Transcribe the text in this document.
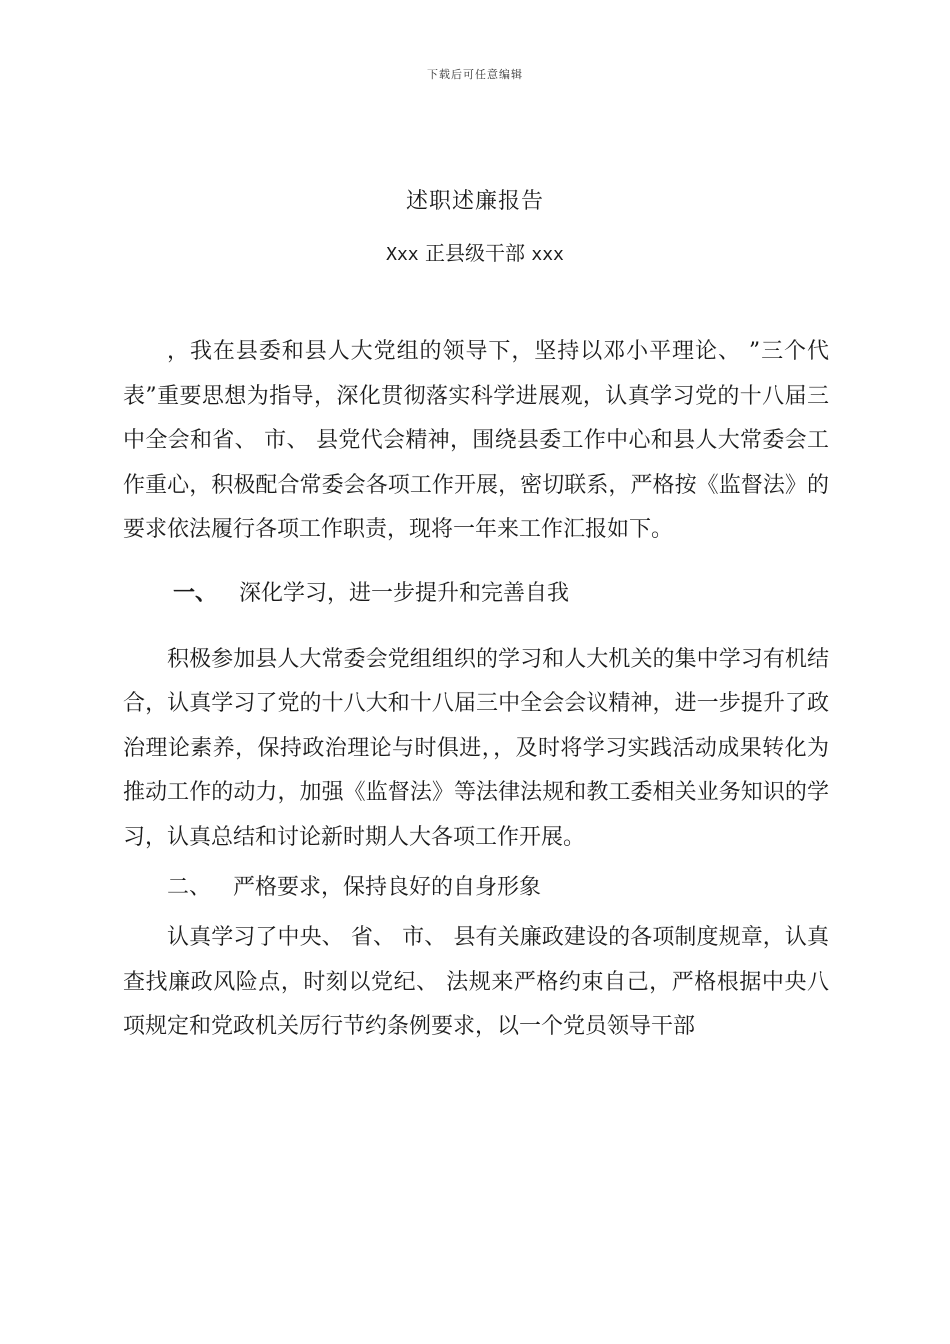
下载后可任意编辑
述职述廉报告
Xxx 正县级干部 xxx

，我在县委和县人大党组的领导下，坚持以邓小平理论、 ”三个代表”重要思想为指导，深化贯彻落实科学进展观，认真学习党的十八届三中全会和省、 市、 县党代会精神，围绕县委工作中心和县人大常委会工作重心，积极配合常委会各项工作开展，密切联系，严格按《监督法》的要求依法履行各项工作职责，现将一年来工作汇报如下。

一、 深化学习，进一步提升和完善自我

积极参加县人大常委会党组组织的学习和人大机关的集中学习有机结合，认真学习了党的十八大和十八届三中全会会议精神，进一步提升了政治理论素养，保持政治理论与时俱进，，及时将学习实践活动成果转化为推动工作的动力，加强《监督法》等法律法规和教工委相关业务知识的学习，认真总结和讨论新时期人大各项工作开展。

二、 严格要求，保持良好的自身形象

认真学习了中央、 省、 市、 县有关廉政建设的各项制度规章，认真查找廉政风险点，时刻以党纪、 法规来严格约束自己，严格根据中央八项规定和党政机关厉行节约条例要求，以一个党员领导干部
